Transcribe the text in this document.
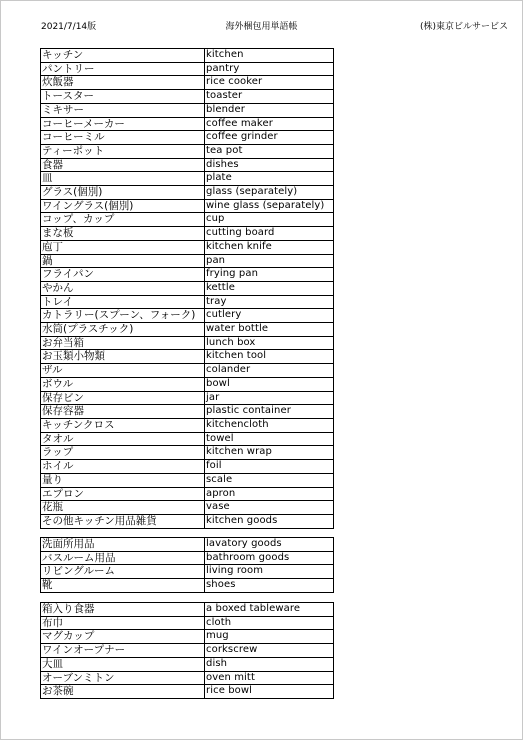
2021/7/14版	海外梱包用単語帳	(株)東京ビルサービス
キッチン	kitchen
パントリー	pantry
炊飯器	rice cooker
トースター	toaster
ミキサー	blender
コーヒーメーカー	coffee maker
コーヒーミル	coffee grinder
ティーポット	tea pot
食器	dishes
皿	plate
グラス(個別)	glass (separately)
ワイングラス(個別)	wine glass (separately)
コップ、カップ	cup
まな板	cutting board
庖丁	kitchen knife
鍋	pan
フライパン	frying pan
やかん	kettle
トレイ	tray
カトラリー(スプーン、フォーク)	cutlery
水筒(プラスチック)	water bottle
お弁当箱	lunch box
お玉類小物類	kitchen tool
ザル	colander
ボウル	bowl
保存ビン	jar
保存容器	plastic container
キッチンクロス	kitchencloth
タオル	towel
ラップ	kitchen wrap
ホイル	foil
量り	scale
エプロン	apron
花瓶	vase
その他キッチン用品雑貨	kitchen goods
洗面所用品	lavatory goods
バスルーム用品	bathroom goods
リビングルーム	living room
靴	shoes
箱入り食器	a boxed tableware
布巾	cloth
マグカップ	mug
ワインオープナー	corkscrew
大皿	dish
オーブンミトン	oven mitt
お茶碗	rice bowl
